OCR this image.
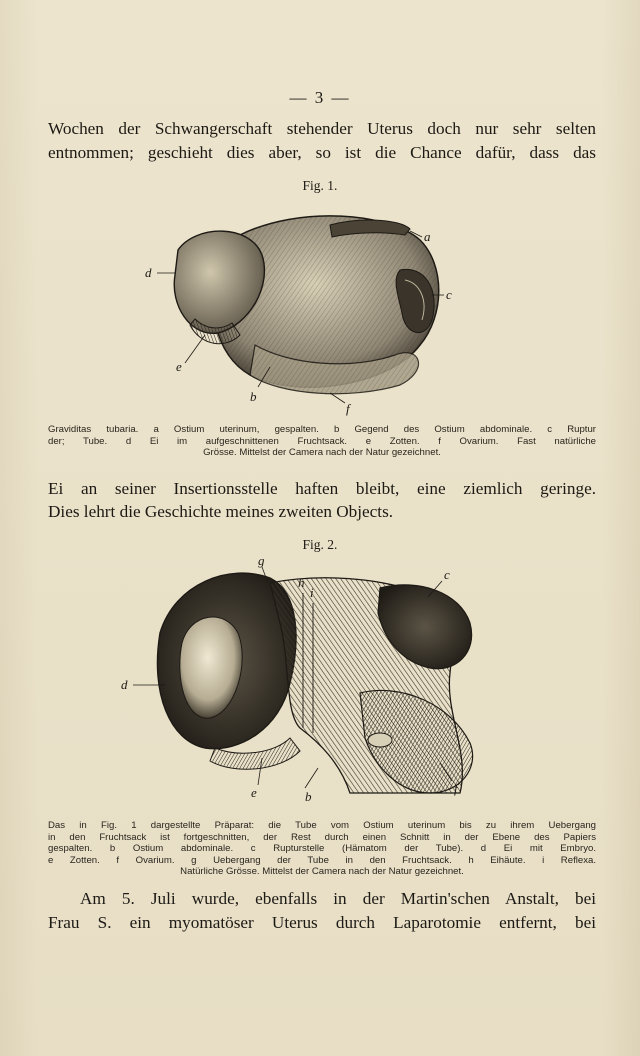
— 3 —
Wochen der Schwangerschaft stehender Uterus doch nur sehr selten
entnommen; geschieht dies aber, so ist die Chance dafür, dass das
Fig. 1.
a
d
c
e
b
f
Graviditas tubaria. a Ostium uterinum, gespalten. b Gegend des Ostium abdominale. c Ruptur
der; Tube. d Ei im aufgeschnittenen Fruchtsack. e Zotten. f Ovarium. Fast natürliche
Grösse. Mittelst der Camera nach der Natur gezeichnet.
Ei an seiner Insertionsstelle haften bleibt, eine ziemlich geringe.
Dies lehrt die Geschichte meines zweiten Objects.
Fig. 2.
g
h
i
c
d
e	b
f
Das in Fig. 1 dargestellte Präparat: die Tube vom Ostium uterinum bis zu ihrem Uebergang
in den Fruchtsack ist fortgeschnitten, der Rest durch einen Schnitt in der Ebene des Papiers
gespalten. b Ostium abdominale. c Rupturstelle (Hämatom der Tube). d Ei mit Embryo.
e Zotten. f Ovarium. g Uebergang der Tube in den Fruchtsack. h Eihäute. i Reflexa.
Natürliche Grösse. Mittelst der Camera nach der Natur gezeichnet.
Am 5. Juli wurde, ebenfalls in der Martin'schen Anstalt, bei
Frau S. ein myomatöser Uterus durch Laparotomie entfernt, bei
